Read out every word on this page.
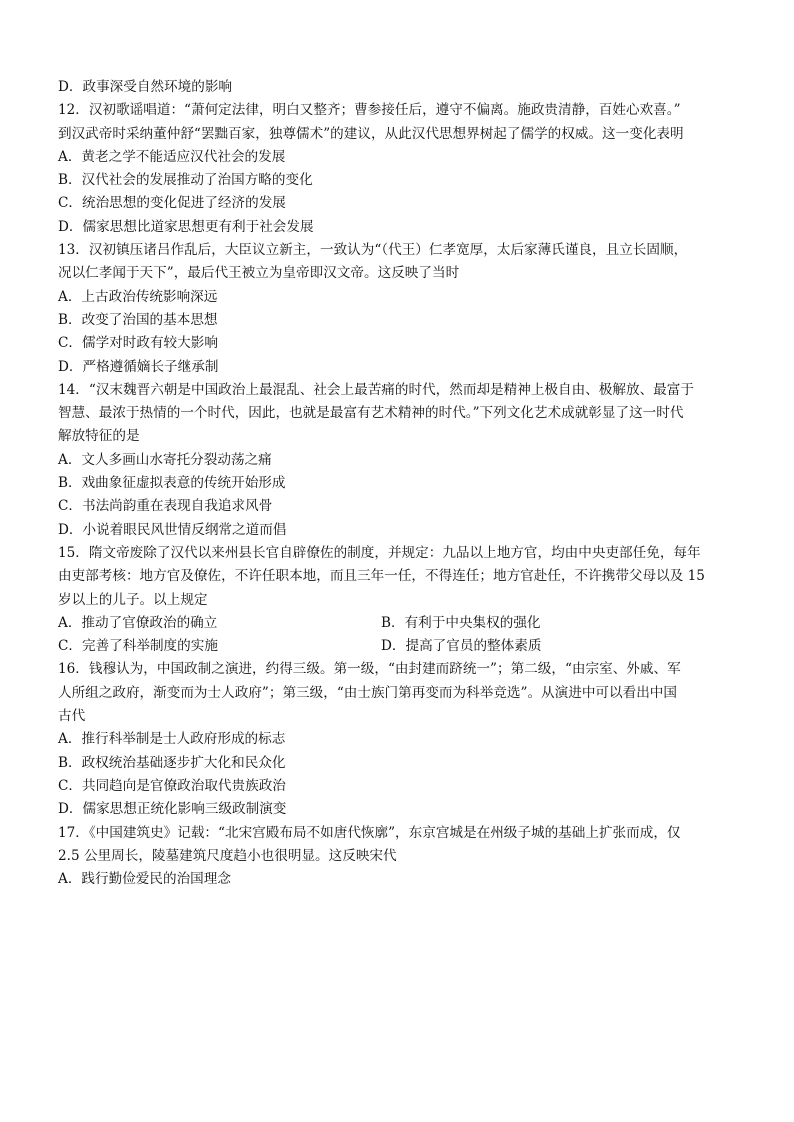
D．政事深受自然环境的影响
12．汉初歌谣唱道：“萧何定法律，明白又整齐；曹参接任后，遵守不偏离。施政贵清静，百姓心欢喜。”
到汉武帝时采纳董仲舒“罢黜百家，独尊儒术”的建议，从此汉代思想界树起了儒学的权威。这一变化表明
A．黄老之学不能适应汉代社会的发展
B．汉代社会的发展推动了治国方略的变化
C．统治思想的变化促进了经济的发展
D．儒家思想比道家思想更有利于社会发展
13．汉初镇压诸吕作乱后，大臣议立新主，一致认为“（代王）仁孝宽厚，太后家薄氏谨良，且立长固顺，
况以仁孝闻于天下”，最后代王被立为皇帝即汉文帝。这反映了当时
A．上古政治传统影响深远
B．改变了治国的基本思想
C．儒学对时政有较大影响
D．严格遵循嫡长子继承制
14．“汉末魏晋六朝是中国政治上最混乱、社会上最苦痛的时代，然而却是精神上极自由、极解放、最富于
智慧、最浓于热情的一个时代，因此，也就是最富有艺术精神的时代。”下列文化艺术成就彰显了这一时代
解放特征的是
A．文人多画山水寄托分裂动荡之痛
B．戏曲象征虚拟表意的传统开始形成
C．书法尚韵重在表现自我追求风骨
D．小说着眼民风世情反纲常之道而倡
15．隋文帝废除了汉代以来州县长官自辟僚佐的制度，并规定：九品以上地方官，均由中央吏部任免，每年
由吏部考核：地方官及僚佐，不许任职本地，而且三年一任，不得连任；地方官赴任，不许携带父母以及 15
岁以上的儿子。以上规定
A．推动了官僚政治的确立	B．有利于中央集权的强化
C．完善了科举制度的实施	D．提高了官员的整体素质
16．钱穆认为，中国政制之演进，约得三级。第一级，“由封建而跻统一”；第二级，“由宗室、外戚、军
人所组之政府，渐变而为士人政府”；第三级，“由士族门第再变而为科举竞选”。从演进中可以看出中国
古代
A．推行科举制是士人政府形成的标志
B．政权统治基础逐步扩大化和民众化
C．共同趋向是官僚政治取代贵族政治
D．儒家思想正统化影响三级政制演变
17．《中国建筑史》记载：“北宋宫殿布局不如唐代恢廓”，东京宫城是在州级子城的基础上扩张而成，仅
2.5 公里周长，陵墓建筑尺度趋小也很明显。这反映宋代
A．践行勤俭爱民的治国理念
